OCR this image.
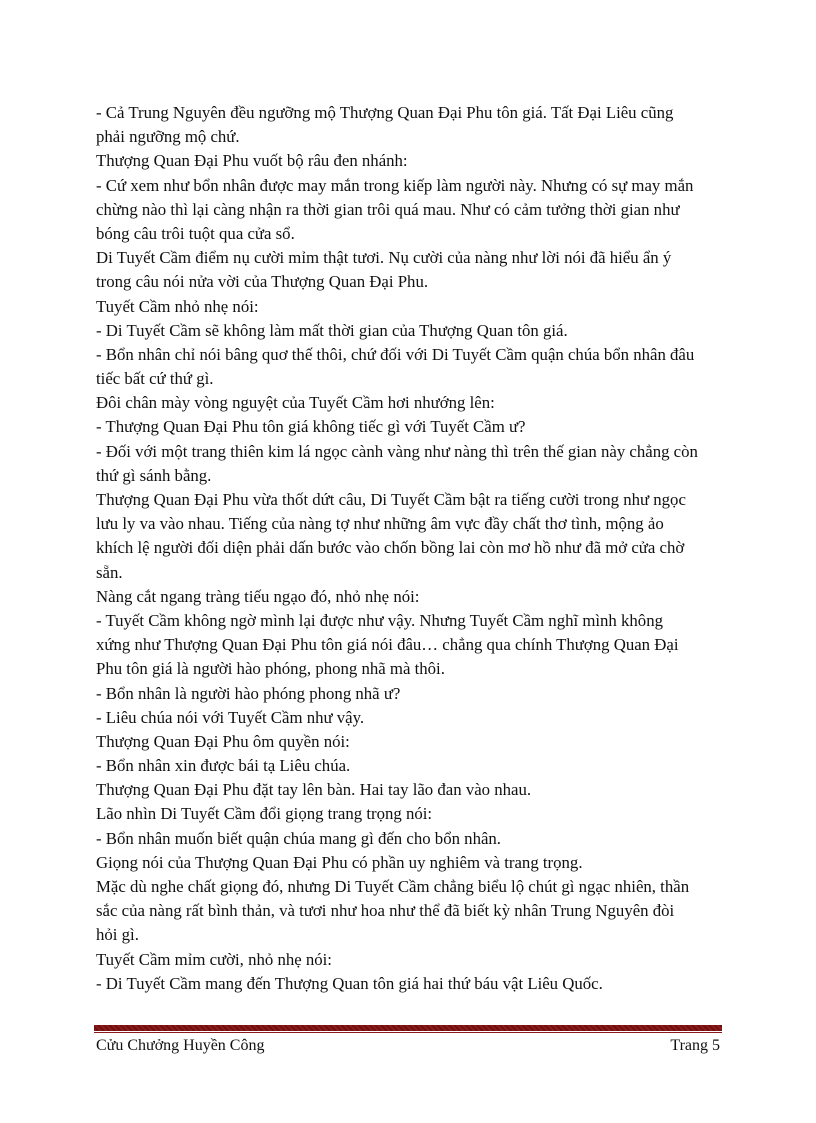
- Cả Trung Nguyên đều ngưỡng mộ Thượng Quan Đại Phu tôn giá. Tất Đại Liêu cũng

phải ngưỡng mộ chứ.

Thượng Quan Đại Phu vuốt bộ râu đen nhánh:

- Cứ xem như bổn nhân được may mắn trong kiếp làm người này. Nhưng có sự may mắn

chừng nào thì lại càng nhận ra thời gian trôi quá mau. Như có cảm tưởng thời gian như

bóng câu trôi tuột qua cửa sổ.

Di Tuyết Cầm điểm nụ cười mỉm thật tươi. Nụ cười của nàng như lời nói đã hiểu ẩn ý

trong câu nói nửa vời của Thượng Quan Đại Phu.

Tuyết Cầm nhỏ nhẹ nói:

- Di Tuyết Cầm sẽ không làm mất thời gian của Thượng Quan tôn giá.

- Bổn nhân chỉ nói bâng quơ thế thôi, chứ đối với Di Tuyết Cầm quận chúa bổn nhân đâu

tiếc bất cứ thứ gì.

Đôi chân mày vòng nguyệt của Tuyết Cầm hơi nhướng lên:

- Thượng Quan Đại Phu tôn giá không tiếc gì với Tuyết Cầm ư?

- Đối với một trang thiên kim lá ngọc cành vàng như nàng thì trên thế gian này chẳng còn

thứ gì sánh bằng.

Thượng Quan Đại Phu vừa thốt dứt câu, Di Tuyết Cầm bật ra tiếng cười trong như ngọc

lưu ly va vào nhau. Tiếng của nàng tợ như những âm vực đầy chất thơ tình, mộng ảo

khích lệ người đối diện phải dấn bước vào chốn bồng lai còn mơ hồ như đã mở cửa chờ

sẵn.

Nàng cắt ngang tràng tiếu ngạo đó, nhỏ nhẹ nói:

- Tuyết Cầm không ngờ mình lại được như vậy. Nhưng Tuyết Cầm nghĩ mình không

xứng như Thượng Quan Đại Phu tôn giá nói đâu… chẳng qua chính Thượng Quan Đại

Phu tôn giá là người hào phóng, phong nhã mà thôi.

- Bổn nhân là người hào phóng phong nhã ư?

- Liêu chúa nói với Tuyết Cầm như vậy.

Thượng Quan Đại Phu ôm quyền nói:

- Bổn nhân xin được bái tạ Liêu chúa.

Thượng Quan Đại Phu đặt tay lên bàn. Hai tay lão đan vào nhau.

Lão nhìn Di Tuyết Cầm đổi giọng trang trọng nói:

- Bổn nhân muốn biết quận chúa mang gì đến cho bổn nhân.

Giọng nói của Thượng Quan Đại Phu có phần uy nghiêm và trang trọng.

Mặc dù nghe chất giọng đó, nhưng Di Tuyết Cầm chẳng biểu lộ chút gì ngạc nhiên, thần

sắc của nàng rất bình thản, và tươi như hoa như thể đã biết kỳ nhân Trung Nguyên đòi

hỏi gì.

Tuyết Cầm mỉm cười, nhỏ nhẹ nói:

- Di Tuyết Cầm mang đến Thượng Quan tôn giá hai thứ báu vật Liêu Quốc.

Cửu Chưởng Huyền Công	Trang 5
